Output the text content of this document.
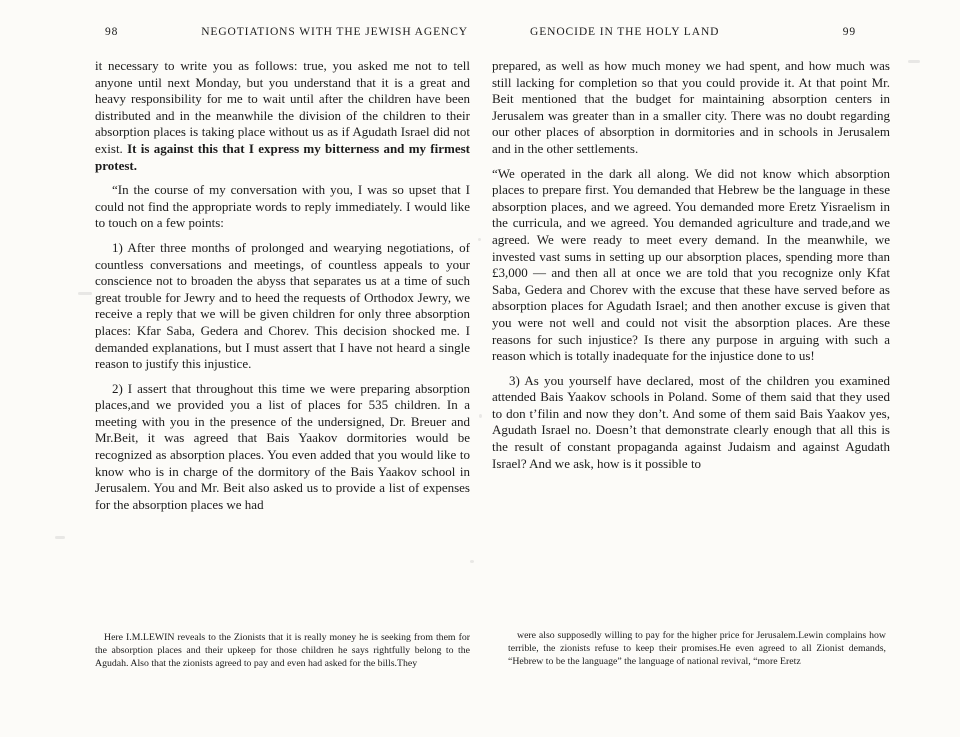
98	NEGOTIATIONS WITH THE JEWISH AGENCY

it necessary to write you as follows: true, you asked me not to tell anyone until next Monday, but you understand that it is a great and heavy responsibility for me to wait until after the children have been distributed and in the meanwhile the division of the children to their absorption places is taking place without us as if Agudath Israel did not exist. It is against this that I express my bitterness and my firmest protest.

“In the course of my conversation with you, I was so upset that I could not find the appropriate words to reply immediately. I would like to touch on a few points:

1) After three months of prolonged and wearying negotiations, of countless conversations and meetings, of countless appeals to your conscience not to broaden the abyss that separates us at a time of such great trouble for Jewry and to heed the requests of Orthodox Jewry, we receive a reply that we will be given children for only three absorption places: Kfar Saba, Gedera and Chorev. This decision shocked me. I demanded explanations, but I must assert that I have not heard a single reason to justify this injustice.

2) I assert that throughout this time we were preparing absorption places,and we provided you a list of places for 535 children. In a meeting with you in the presence of the undersigned, Dr. Breuer and Mr.Beit, it was agreed that Bais Yaakov dormitories would be recognized as absorption places. You even added that you would like to know who is in charge of the dormitory of the Bais Yaakov school in Jerusalem. You and Mr. Beit also asked us to provide a list of expenses for the absorption places we had

Here I.M.LEWIN reveals to the Zionists that it is really money he is seeking from them for the absorption places and their upkeep for those children he says rightfully belong to the Agudah. Also that the zionists agreed to pay and even had asked for the bills.They
GENOCIDE IN THE HOLY LAND	99

prepared, as well as how much money we had spent, and how much was still lacking for completion so that you could provide it. At that point Mr. Beit mentioned that the budget for maintaining absorption centers in Jerusalem was greater than in a smaller city. There was no doubt regarding our other places of absorption in dormitories and in schools in Jerusalem and in the other settlements.

“We operated in the dark all along. We did not know which absorption places to prepare first. You demanded that Hebrew be the language in these absorption places, and we agreed. You demanded more Eretz Yisraelism in the curricula, and we agreed. You demanded agriculture and trade,and we agreed. We were ready to meet every demand. In the meanwhile, we invested vast sums in setting up our absorption places, spending more than £3,000 — and then all at once we are told that you recognize only Kfat Saba, Gedera and Chorev with the excuse that these have served before as absorption places for Agudath Israel; and then another excuse is given that you were not well and could not visit the absorption places. Are these reasons for such injustice? Is there any purpose in arguing with such a reason which is totally inadequate for the injustice done to us!

3) As you yourself have declared, most of the children you examined attended Bais Yaakov schools in Poland. Some of them said that they used to don t’filin and now they don’t. And some of them said Bais Yaakov yes, Agudath Israel no. Doesn’t that demonstrate clearly enough that all this is the result of constant propaganda against Judaism and against Agudath Israel? And we ask, how is it possible to

were also supposedly willing to pay for the higher price for Jerusalem.Lewin complains how terrible, the zionists refuse to keep their promises.He even agreed to all Zionist demands, “Hebrew to be the language” the language of national revival, “more Eretz
